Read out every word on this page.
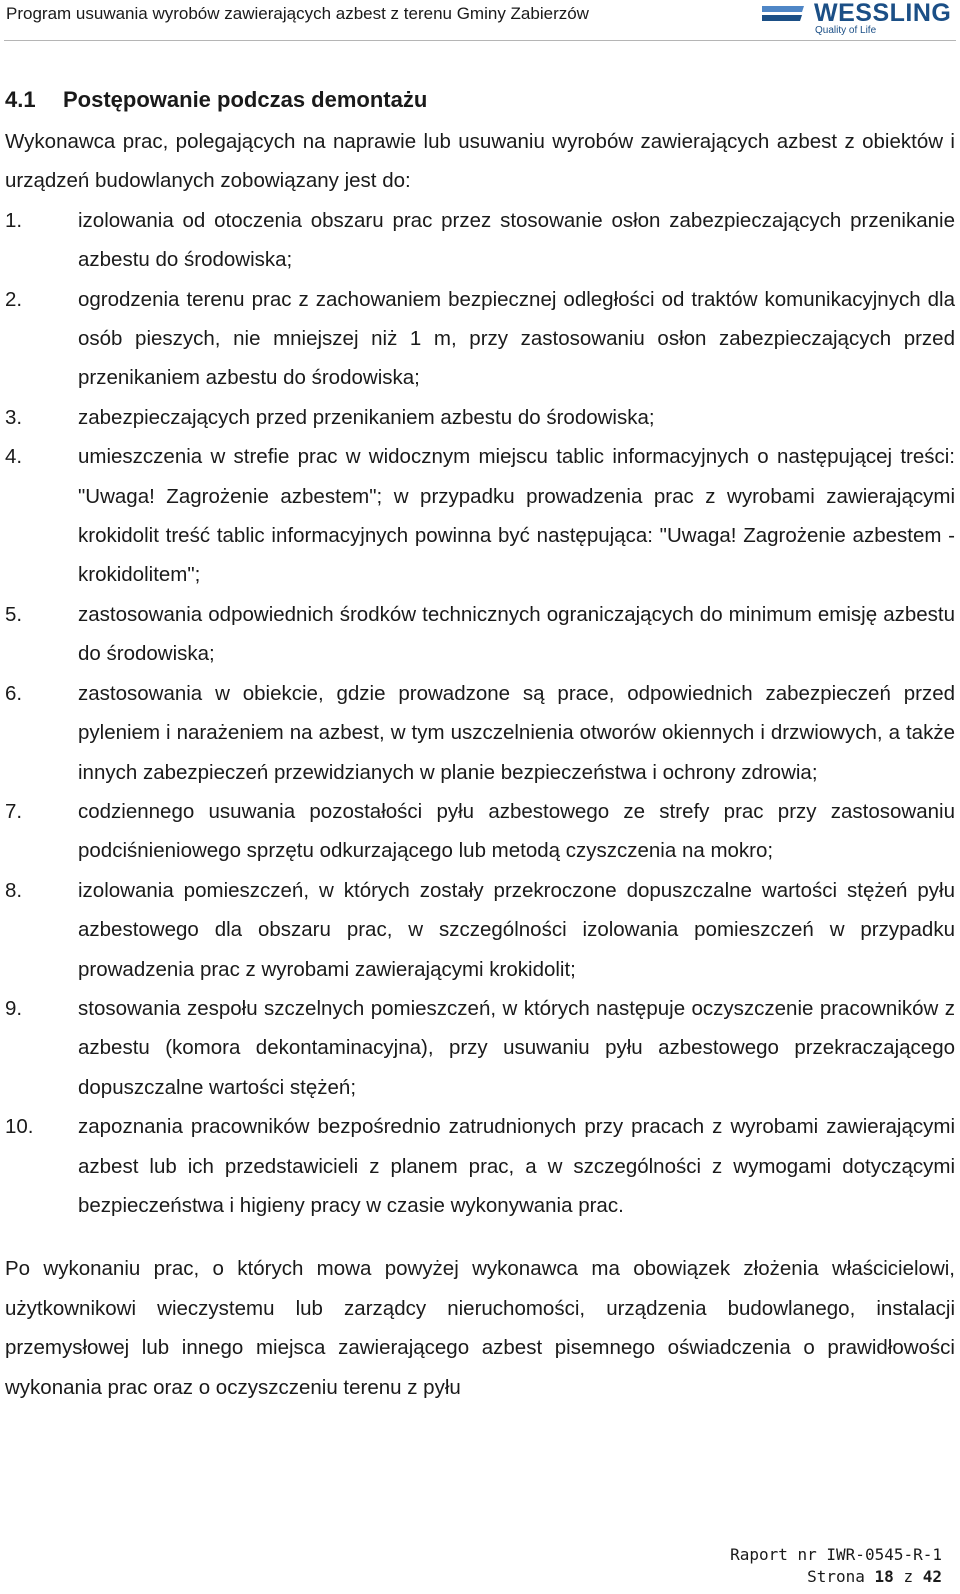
Program usuwania wyrobów zawierających azbest z terenu Gminy Zabierzów	WESSLING
Quality of Life
4.1 Postępowanie podczas demontażu

Wykonawca prac, polegających na naprawie lub usuwaniu wyrobów zawierających azbest z obiektów i urządzeń budowlanych zobowiązany jest do:

1.	izolowania od otoczenia obszaru prac przez stosowanie osłon zabezpieczających przenikanie azbestu do środowiska;
2.	ogrodzenia terenu prac z zachowaniem bezpiecznej odległości od traktów komunikacyjnych dla osób pieszych, nie mniejszej niż 1 m, przy zastosowaniu osłon zabezpieczających przed przenikaniem azbestu do środowiska;
3.	zabezpieczających przed przenikaniem azbestu do środowiska;
4.	umieszczenia w strefie prac w widocznym miejscu tablic informacyjnych o następującej treści: "Uwaga! Zagrożenie azbestem"; w przypadku prowadzenia prac z wyrobami zawierającymi krokidolit treść tablic informacyjnych powinna być następująca: "Uwaga! Zagrożenie azbestem - krokidolitem";
5.	zastosowania odpowiednich środków technicznych ograniczających do minimum emisję azbestu do środowiska;
6.	zastosowania w obiekcie, gdzie prowadzone są prace, odpowiednich zabezpieczeń przed pyleniem i narażeniem na azbest, w tym uszczelnienia otworów okiennych i drzwiowych, a także innych zabezpieczeń przewidzianych w planie bezpieczeństwa i ochrony zdrowia;
7.	codziennego usuwania pozostałości pyłu azbestowego ze strefy prac przy zastosowaniu podciśnieniowego sprzętu odkurzającego lub metodą czyszczenia na mokro;
8.	izolowania pomieszczeń, w których zostały przekroczone dopuszczalne wartości stężeń pyłu azbestowego dla obszaru prac, w szczególności izolowania pomieszczeń w przypadku prowadzenia prac z wyrobami zawierającymi krokidolit;
9.	stosowania zespołu szczelnych pomieszczeń, w których następuje oczyszczenie pracowników z azbestu (komora dekontaminacyjna), przy usuwaniu pyłu azbestowego przekraczającego dopuszczalne wartości stężeń;
10. zapoznania pracowników bezpośrednio zatrudnionych przy pracach z wyrobami zawierającymi azbest lub ich przedstawicieli z planem prac, a w szczególności z wymogami dotyczącymi bezpieczeństwa i higieny pracy w czasie wykonywania prac.

Po wykonaniu prac, o których mowa powyżej wykonawca ma obowiązek złożenia właścicielowi, użytkownikowi wieczystemu lub zarządcy nieruchomości, urządzenia budowlanego, instalacji przemysłowej lub innego miejsca zawierającego azbest pisemnego oświadczenia o prawidłowości wykonania prac oraz o oczyszczeniu terenu z pyłu

Raport nr IWR-0545-R-1
Strona 18 z 42
